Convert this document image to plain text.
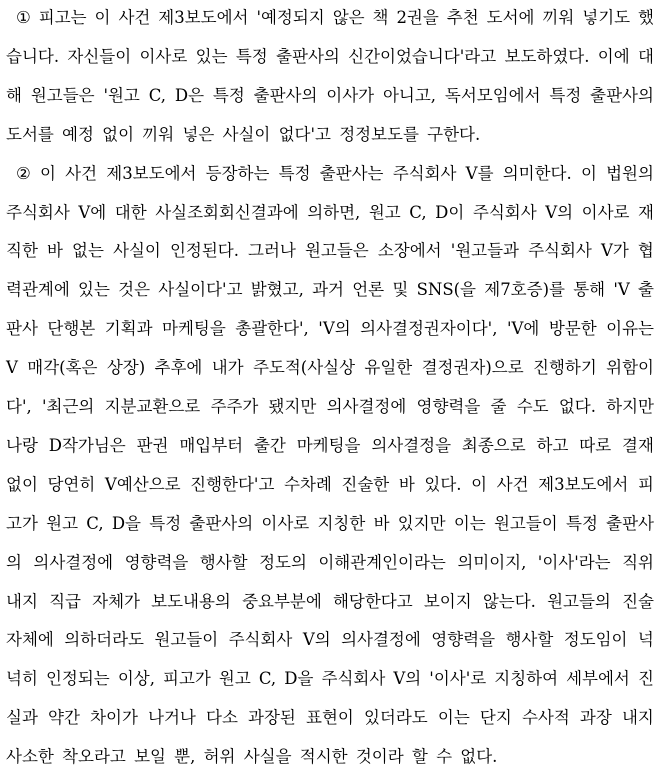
① 피고는 이 사건 제3보도에서 '예정되지 않은 책 2권을 추천 도서에 끼워 넣기도 했
습니다. 자신들이 이사로 있는 특정 출판사의 신간이었습니다'라고 보도하였다. 이에 대
해 원고들은 '원고 C, D은 특정 출판사의 이사가 아니고, 독서모임에서 특정 출판사의
도서를 예정 없이 끼워 넣은 사실이 없다'고 정정보도를 구한다.
② 이 사건 제3보도에서 등장하는 특정 출판사는 주식회사 V를 의미한다. 이 법원의
주식회사 V에 대한 사실조회회신결과에 의하면, 원고 C, D이 주식회사 V의 이사로 재
직한 바 없는 사실이 인정된다. 그러나 원고들은 소장에서 '원고들과 주식회사 V가 협
력관계에 있는 것은 사실이다'고 밝혔고, 과거 언론 및 SNS(을 제7호증)를 통해 'V 출
판사 단행본 기획과 마케팅을 총괄한다', 'V의 의사결정권자이다', 'V에 방문한 이유는
V 매각(혹은 상장) 추후에 내가 주도적(사실상 유일한 결정권자)으로 진행하기 위함이
다', '최근의 지분교환으로 주주가 됐지만 의사결정에 영향력을 줄 수도 없다. 하지만
나랑 D작가님은 판권 매입부터 출간 마케팅을 의사결정을 최종으로 하고 따로 결재
없이 당연히 V예산으로 진행한다'고 수차례 진술한 바 있다. 이 사건 제3보도에서 피
고가 원고 C, D을 특정 출판사의 이사로 지칭한 바 있지만 이는 원고들이 특정 출판사
의 의사결정에 영향력을 행사할 정도의 이해관계인이라는 의미이지, '이사'라는 직위
내지 직급 자체가 보도내용의 중요부분에 해당한다고 보이지 않는다. 원고들의 진술
자체에 의하더라도 원고들이 주식회사 V의 의사결정에 영향력을 행사할 정도임이 넉
넉히 인정되는 이상, 피고가 원고 C, D을 주식회사 V의 '이사'로 지칭하여 세부에서 진
실과 약간 차이가 나거나 다소 과장된 표현이 있더라도 이는 단지 수사적 과장 내지
사소한 착오라고 보일 뿐, 허위 사실을 적시한 것이라 할 수 없다.
